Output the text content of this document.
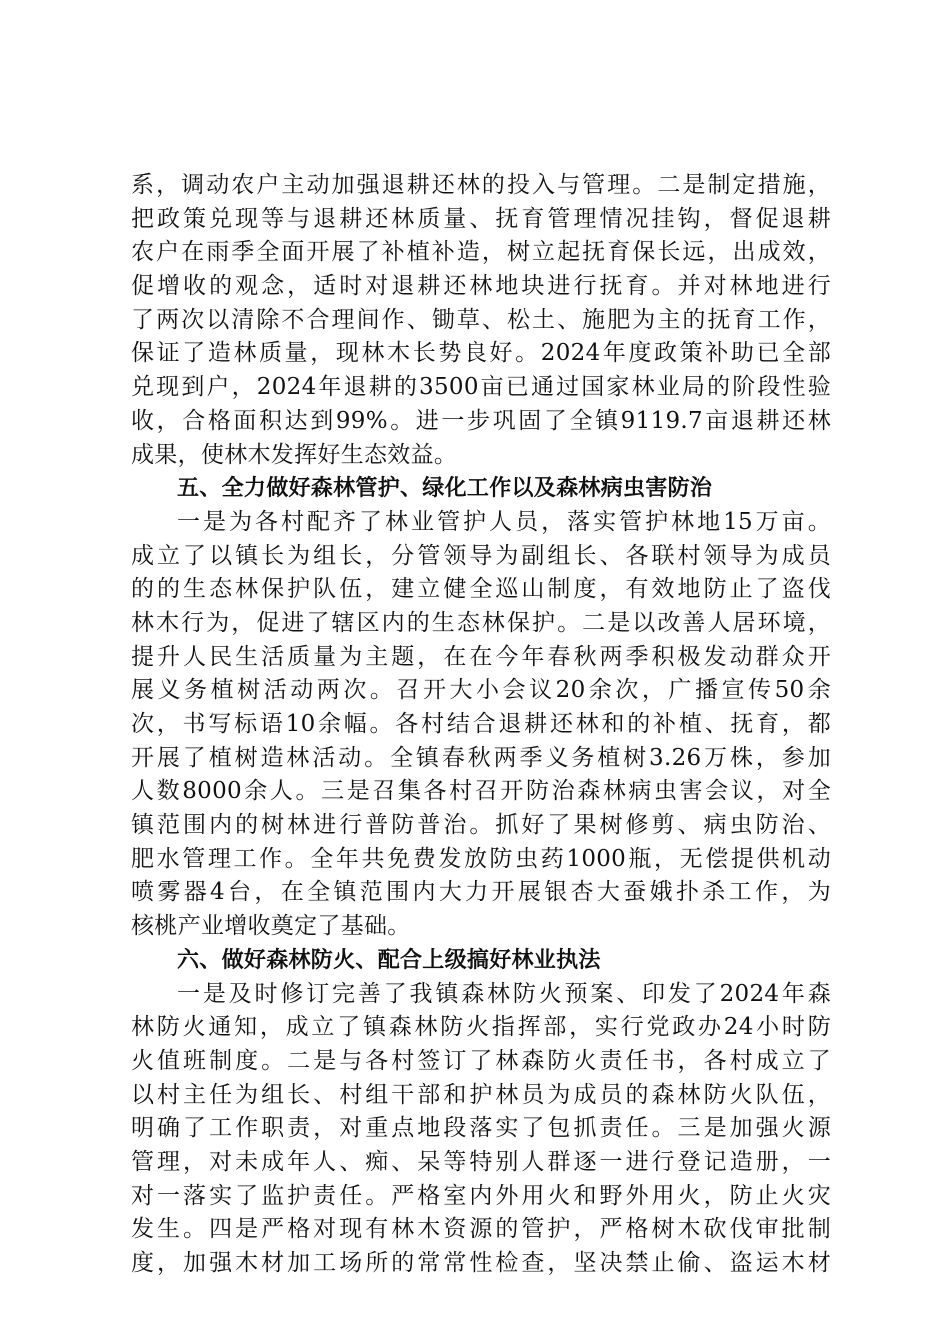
系，调动农户主动加强退耕还林的投入与管理。二是制定措施，
把政策兑现等与退耕还林质量、抚育管理情况挂钩，督促退耕
农户在雨季全面开展了补植补造，树立起抚育保长远，出成效，
促增收的观念，适时对退耕还林地块进行抚育。并对林地进行
了两次以清除不合理间作、锄草、松土、施肥为主的抚育工作，
保证了造林质量，现林木长势良好。2024年度政策补助已全部
兑现到户，2024年退耕的3500亩已通过国家林业局的阶段性验
收，合格面积达到99%。进一步巩固了全镇9119.7亩退耕还林
成果，使林木发挥好生态效益。
五、全力做好森林管护、绿化工作以及森林病虫害防治
一是为各村配齐了林业管护人员，落实管护林地15万亩。
成立了以镇长为组长，分管领导为副组长、各联村领导为成员
的的生态林保护队伍，建立健全巡山制度，有效地防止了盗伐
林木行为，促进了辖区内的生态林保护。二是以改善人居环境，
提升人民生活质量为主题，在在今年春秋两季积极发动群众开
展义务植树活动两次。召开大小会议20余次，广播宣传50余
次，书写标语10余幅。各村结合退耕还林和的补植、抚育，都
开展了植树造林活动。全镇春秋两季义务植树3.26万株，参加
人数8000余人。三是召集各村召开防治森林病虫害会议，对全
镇范围内的树林进行普防普治。抓好了果树修剪、病虫防治、
肥水管理工作。全年共免费发放防虫药1000瓶，无偿提供机动
喷雾器4台，在全镇范围内大力开展银杏大蚕娥扑杀工作，为
核桃产业增收奠定了基础。
六、做好森林防火、配合上级搞好林业执法
一是及时修订完善了我镇森林防火预案、印发了2024年森
林防火通知，成立了镇森林防火指挥部，实行党政办24小时防
火值班制度。二是与各村签订了林森防火责任书，各村成立了
以村主任为组长、村组干部和护林员为成员的森林防火队伍，
明确了工作职责，对重点地段落实了包抓责任。三是加强火源
管理，对未成年人、痴、呆等特别人群逐一进行登记造册，一
对一落实了监护责任。严格室内外用火和野外用火，防止火灾
发生。四是严格对现有林木资源的管护，严格树木砍伐审批制
度，加强木材加工场所的常常性检查，坚决禁止偷、盗运木材
